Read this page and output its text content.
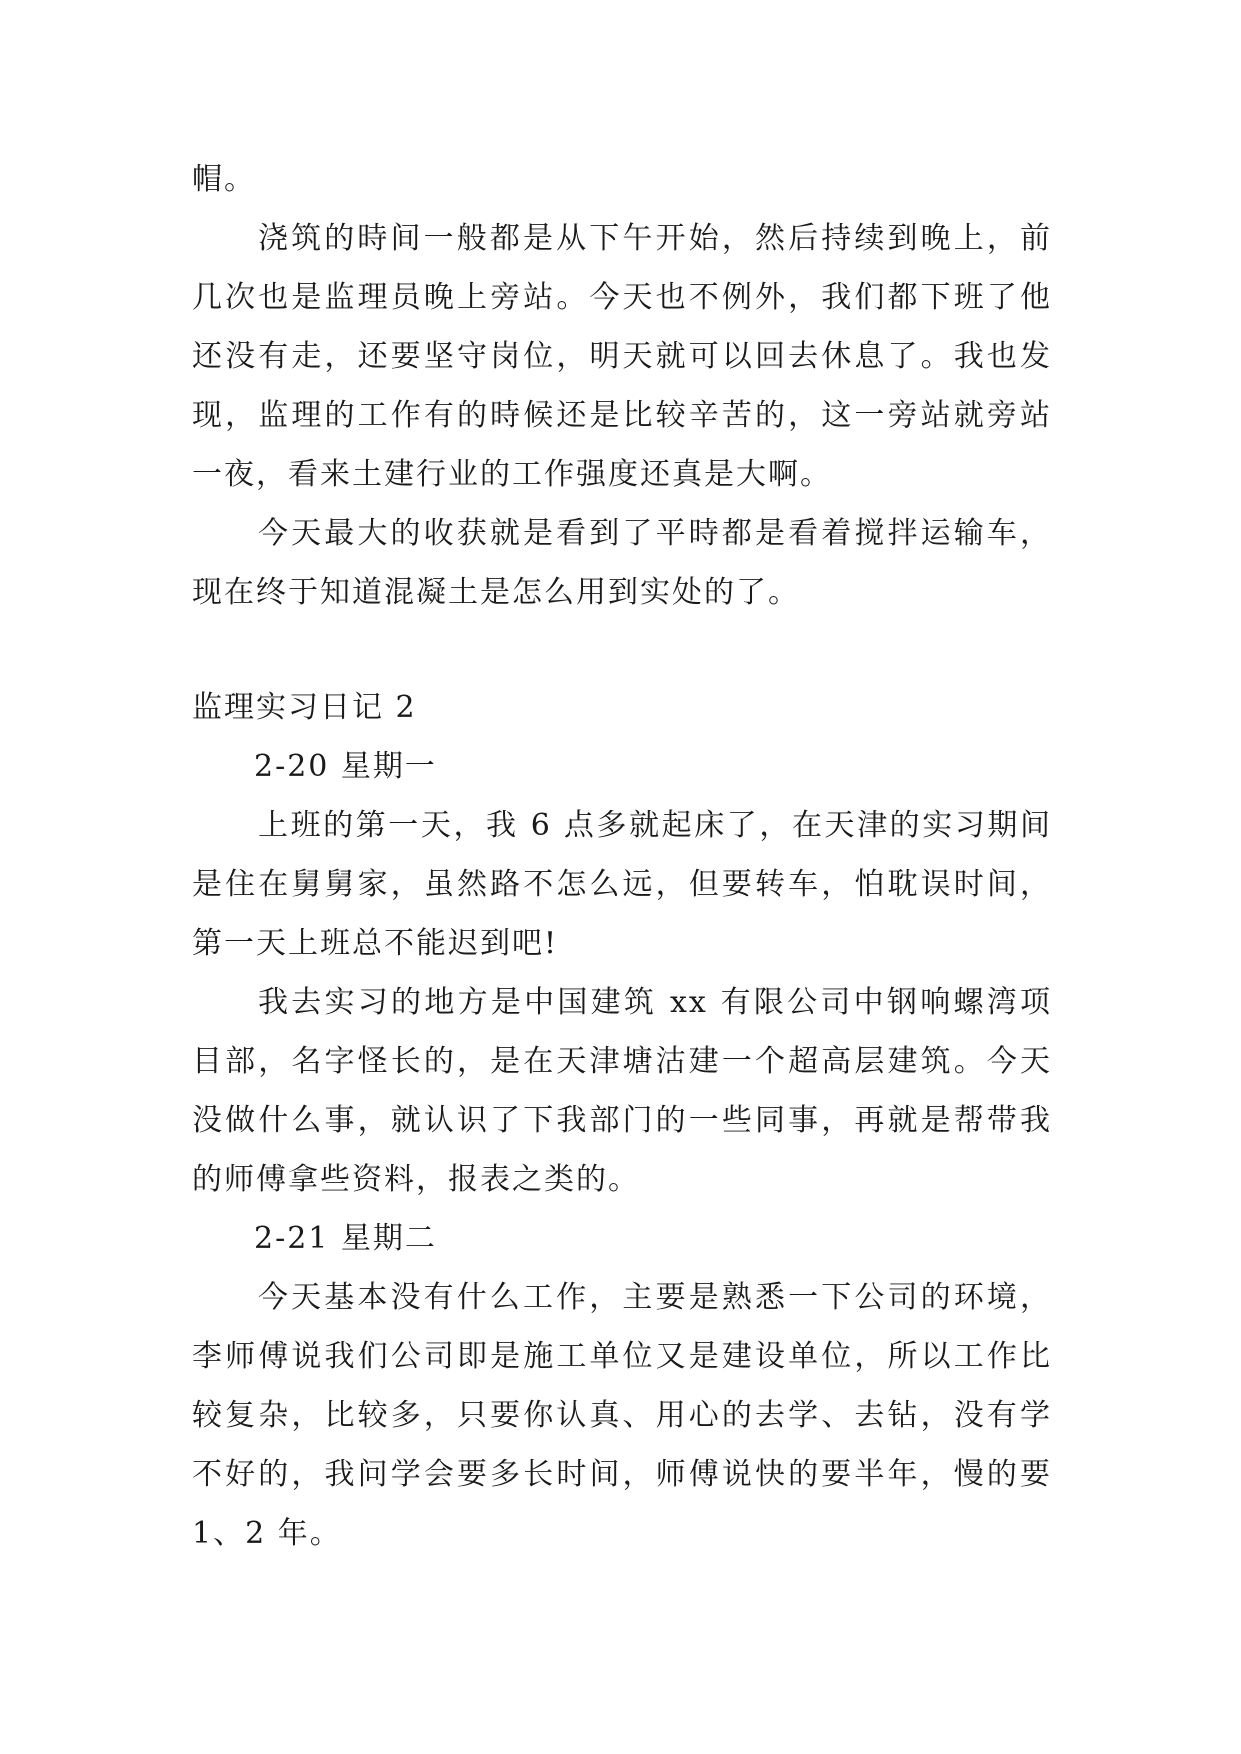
帽。

浇筑的時间一般都是从下午开始，然后持续到晚上，前几次也是监理员晚上旁站。今天也不例外，我们都下班了他还没有走，还要坚守岗位，明天就可以回去休息了。我也发现，监理的工作有的時候还是比较辛苦的，这一旁站就旁站一夜，看来土建行业的工作强度还真是大啊。

今天最大的收获就是看到了平時都是看着搅拌运输车，现在终于知道混凝土是怎么用到实处的了。

监理实习日记 2

2-20 星期一

上班的第一天，我 6 点多就起床了，在天津的实习期间是住在舅舅家，虽然路不怎么远，但要转车，怕耽误时间，第一天上班总不能迟到吧!

我去实习的地方是中国建筑 xx 有限公司中钢响螺湾项目部，名字怪长的，是在天津塘沽建一个超高层建筑。今天没做什么事，就认识了下我部门的一些同事，再就是帮带我的师傅拿些资料，报表之类的。

2-21 星期二

今天基本没有什么工作，主要是熟悉一下公司的环境，李师傅说我们公司即是施工单位又是建设单位，所以工作比较复杂，比较多，只要你认真、用心的去学、去钻，没有学不好的，我问学会要多长时间，师傅说快的要半年，慢的要 1、2 年。
